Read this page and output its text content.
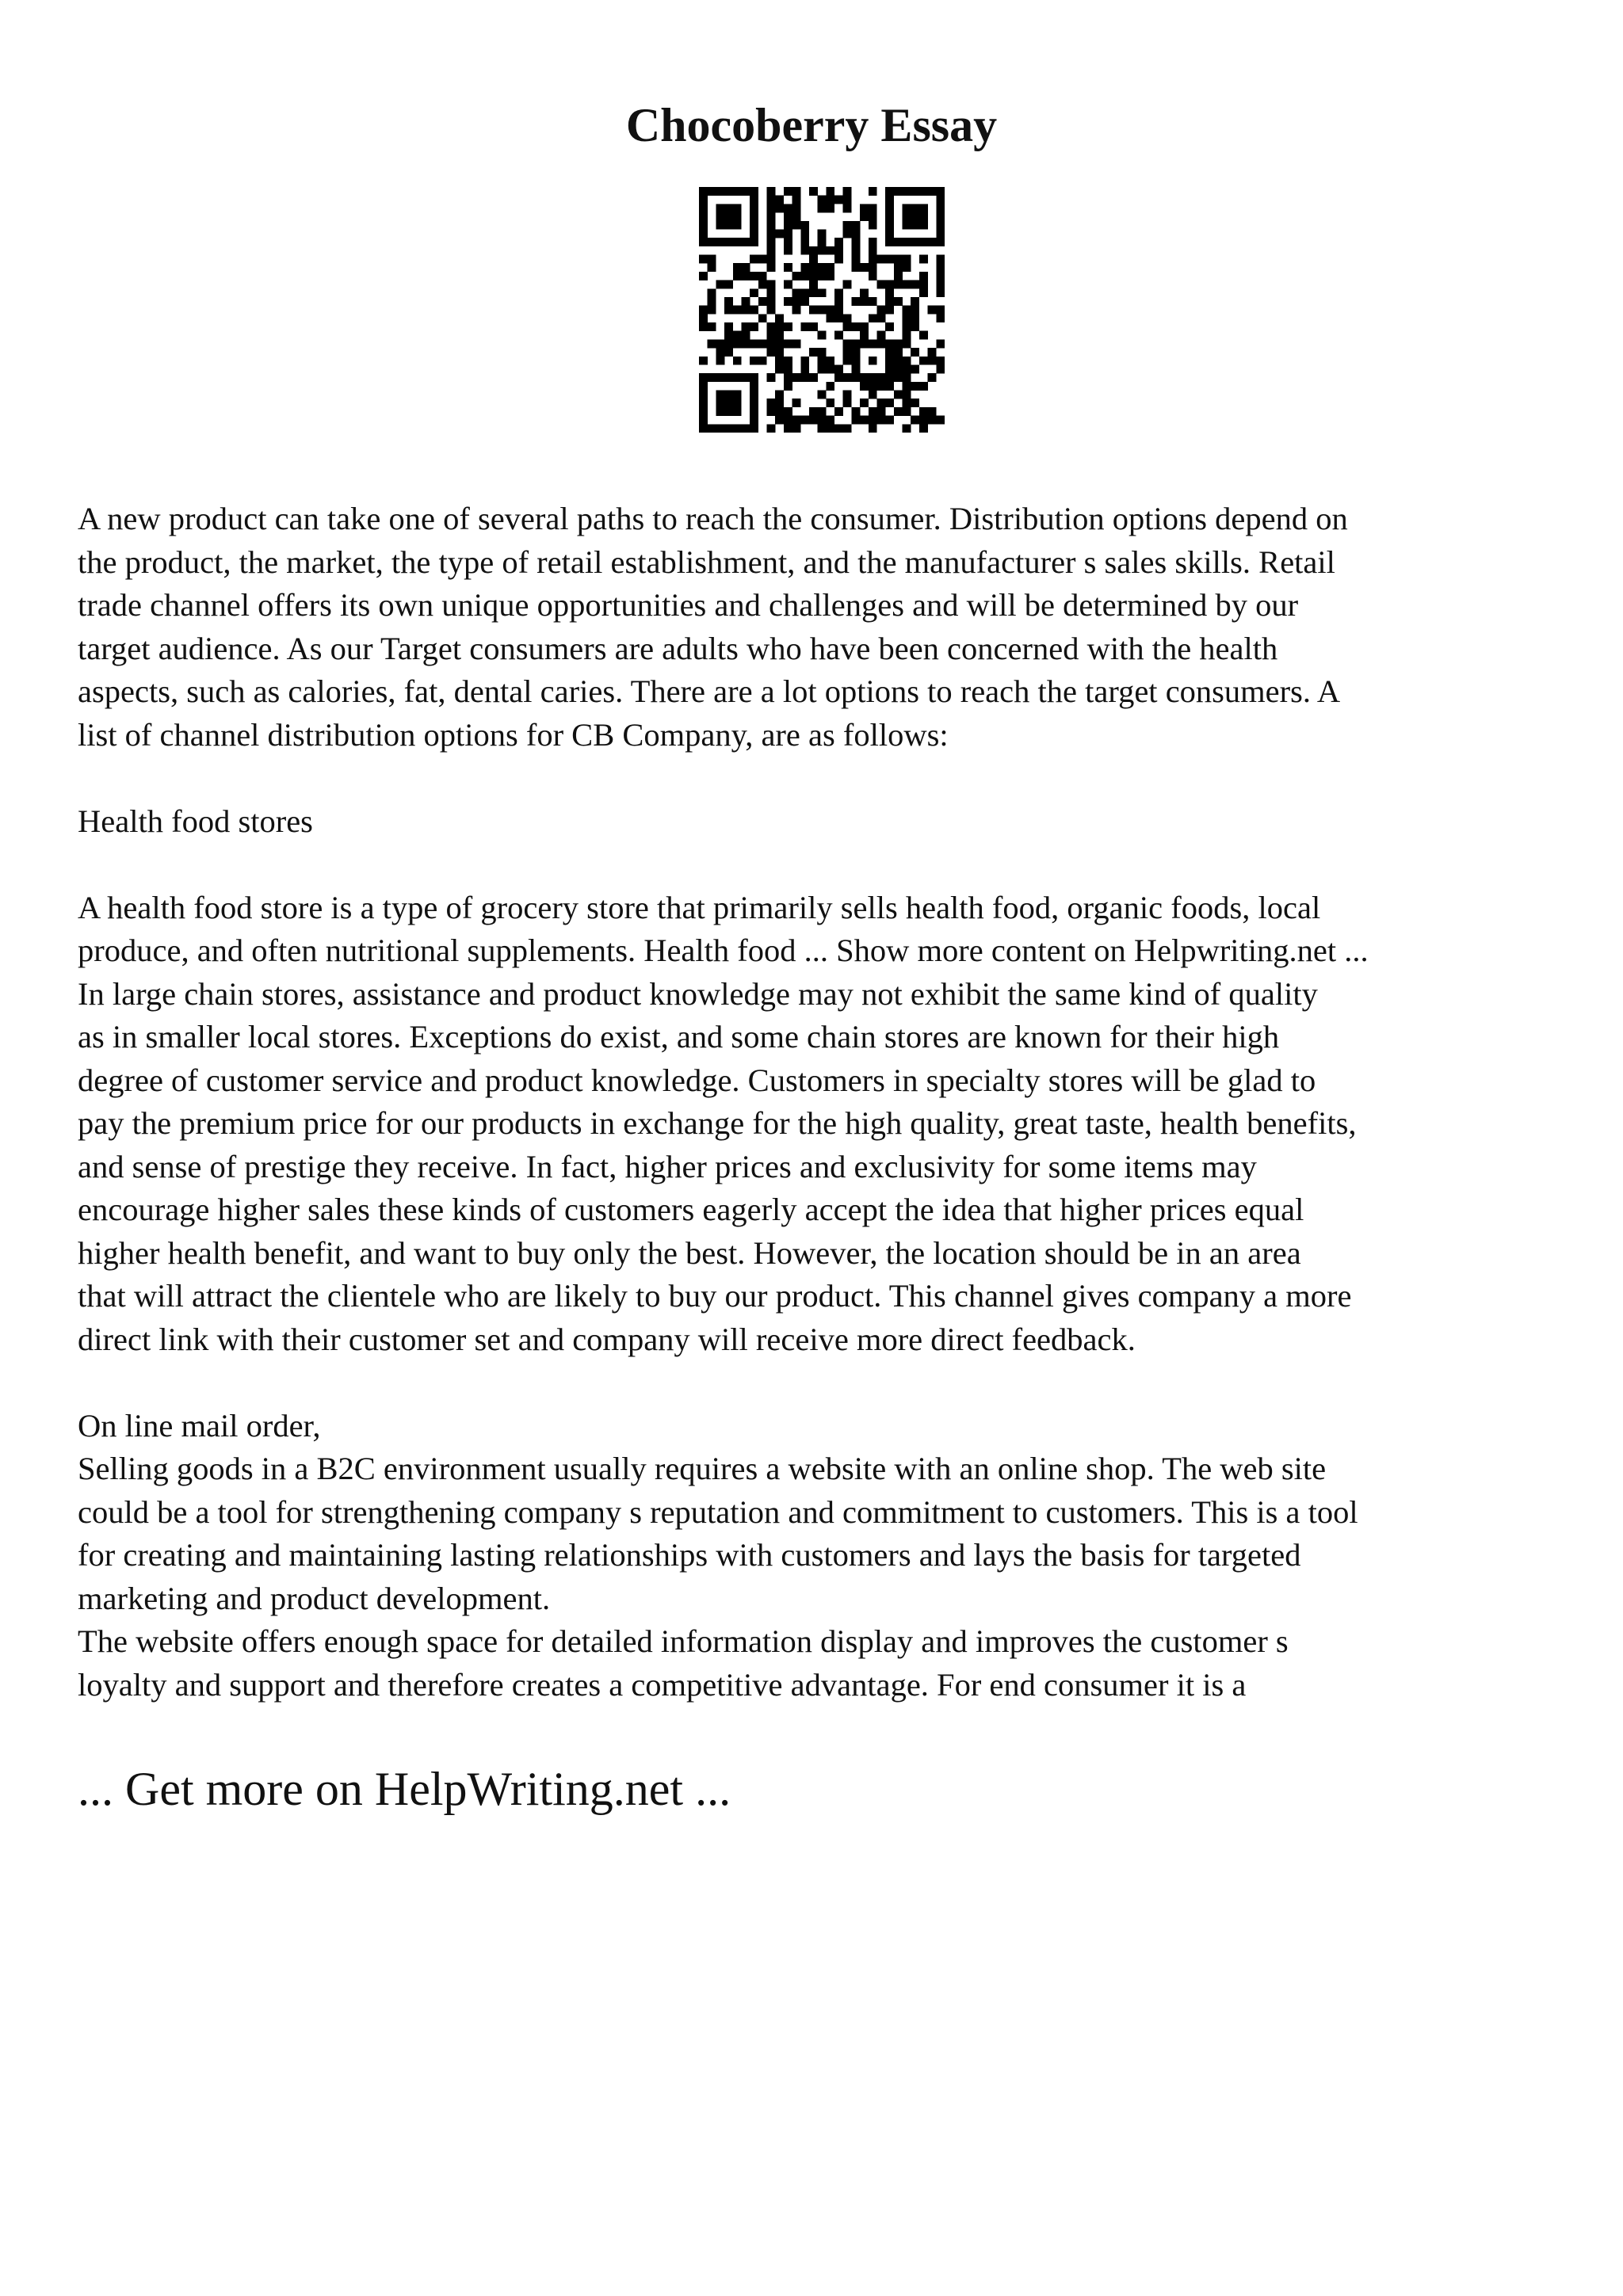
Chocoberry Essay
A new product can take one of several paths to reach the consumer. Distribution options depend on
the product, the market, the type of retail establishment, and the manufacturer s sales skills. Retail
trade channel offers its own unique opportunities and challenges and will be determined by our
target audience. As our Target consumers are adults who have been concerned with the health
aspects, such as calories, fat, dental caries. There are a lot options to reach the target consumers. A
list of channel distribution options for CB Company, are as follows:
Health food stores
A health food store is a type of grocery store that primarily sells health food, organic foods, local
produce, and often nutritional supplements. Health food ... Show more content on Helpwriting.net ...
In large chain stores, assistance and product knowledge may not exhibit the same kind of quality
as in smaller local stores. Exceptions do exist, and some chain stores are known for their high
degree of customer service and product knowledge. Customers in specialty stores will be glad to
pay the premium price for our products in exchange for the high quality, great taste, health benefits,
and sense of prestige they receive. In fact, higher prices and exclusivity for some items may
encourage higher sales these kinds of customers eagerly accept the idea that higher prices equal
higher health benefit, and want to buy only the best. However, the location should be in an area
that will attract the clientele who are likely to buy our product. This channel gives company a more
direct link with their customer set and company will receive more direct feedback.
On line mail order,
Selling goods in a B2C environment usually requires a website with an online shop. The web site
could be a tool for strengthening company s reputation and commitment to customers. This is a tool
for creating and maintaining lasting relationships with customers and lays the basis for targeted
marketing and product development.
The website offers enough space for detailed information display and improves the customer s
loyalty and support and therefore creates a competitive advantage. For end consumer it is a

... Get more on HelpWriting.net ...
